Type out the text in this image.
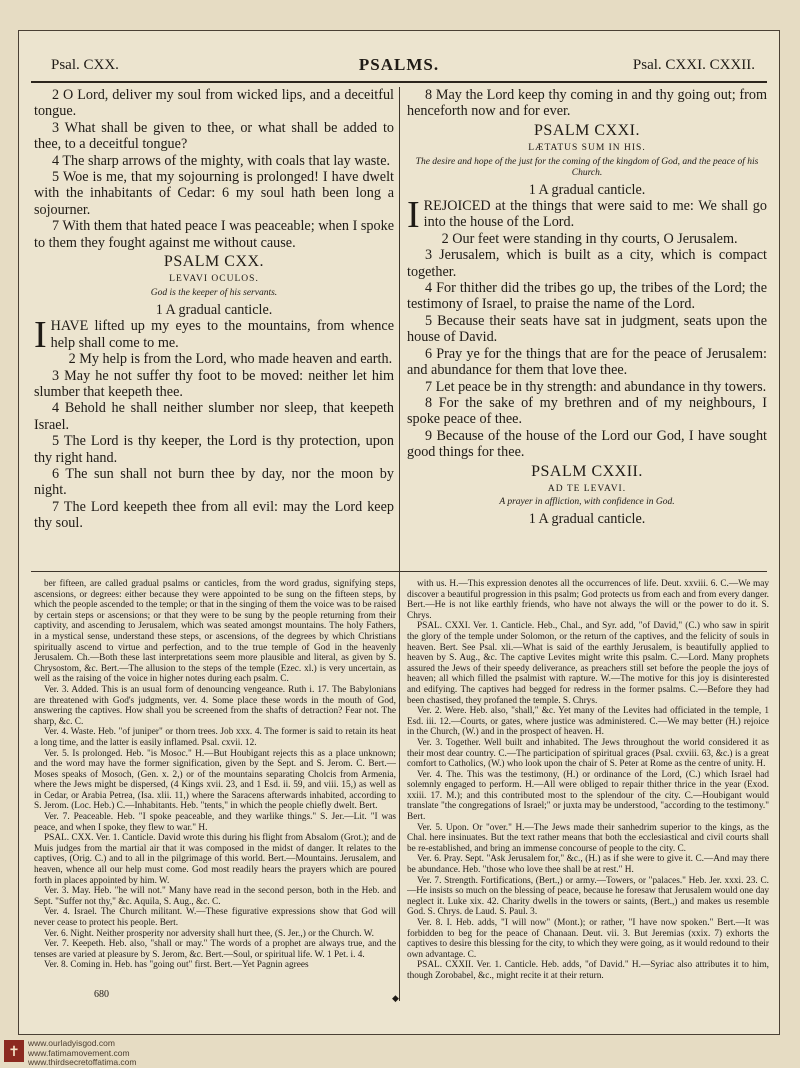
Psal. CXX.	PSALMS.	Psal. CXXI. CXXII.

2 O Lord, deliver my soul from wicked lips, and a deceitful tongue.

3 What shall be given to thee, or what shall be added to thee, to a deceitful tongue?

4 The sharp arrows of the mighty, with coals that lay waste.

5 Woe is me, that my sojourning is prolonged! I have dwelt with the inhabitants of Cedar: 6 my soul hath been long a sojourner.

7 With them that hated peace I was peaceable; when I spoke to them they fought against me without cause.

PSALM CXX.
LEVAVI OCULOS.
God is the keeper of his servants.
1 A gradual canticle.

IHAVE lifted up my eyes to the mountains, from whence help shall come to me.

2 My help is from the Lord, who made heaven and earth.

3 May he not suffer thy foot to be moved: neither let him slumber that keepeth thee.

4 Behold he shall neither slumber nor sleep, that keepeth Israel.

5 The Lord is thy keeper, the Lord is thy protection, upon thy right hand.

6 The sun shall not burn thee by day, nor the moon by night.

7 The Lord keepeth thee from all evil: may the Lord keep thy soul.

8 May the Lord keep thy coming in and thy going out; from henceforth now and for ever.

PSALM CXXI.
LÆTATUS SUM IN HIS.
The desire and hope of the just for the coming of the kingdom of God, and the peace of his Church.
1 A gradual canticle.

IREJOICED at the things that were said to me: We shall go into the house of the Lord.

2 Our feet were standing in thy courts, O Jerusalem.

3 Jerusalem, which is built as a city, which is compact together.

4 For thither did the tribes go up, the tribes of the Lord; the testimony of Israel, to praise the name of the Lord.

5 Because their seats have sat in judgment, seats upon the house of David.

6 Pray ye for the things that are for the peace of Jerusalem: and abundance for them that love thee.

7 Let peace be in thy strength: and abundance in thy towers.

8 For the sake of my brethren and of my neighbours, I spoke peace of thee.

9 Because of the house of the Lord our God, I have sought good things for thee.

PSALM CXXII.
AD TE LEVAVI.
A prayer in affliction, with confidence in God.
1 A gradual canticle.

ber fifteen, are called gradual psalms or canticles, from the word gradus, signifying steps, ascensions, or degrees: either because they were appointed to be sung on the fifteen steps, by which the people ascended to the temple; or that in the singing of them the voice was to be raised by certain steps or ascensions; or that they were to be sung by the people returning from their captivity, and ascending to Jerusalem, which was seated amongst mountains. The holy Fathers, in a mystical sense, understand these steps, or ascensions, of the degrees by which Christians spiritually ascend to virtue and perfection, and to the true temple of God in the heavenly Jerusalem. Ch.—Both these last interpretations seem more plausible and literal, as given by S. Chrysostom, &c. Bert.—The allusion to the steps of the temple (Ezec. xl.) is very uncertain, as well as the raising of the voice in higher notes during each psalm. C.

Ver. 3. Added. This is an usual form of denouncing vengeance. Ruth i. 17. The Babylonians are threatened with God's judgments, ver. 4. Some place these words in the mouth of God, answering the captives. How shall you be screened from the shafts of detraction? Fear not. The sharp, &c. C.

Ver. 4. Waste. Heb. "of juniper" or thorn trees. Job xxx. 4. The former is said to retain its heat a long time, and the latter is easily inflamed. Psal. cxvii. 12.

Ver. 5. Is prolonged. Heb. "is Mosoc." H.—But Houbigant rejects this as a place unknown; and the word may have the former signification, given by the Sept. and S. Jerom. C. Bert.—Moses speaks of Mosoch, (Gen. x. 2,) or of the mountains separating Cholcis from Armenia, where the Jews might be dispersed, (4 Kings xvii. 23, and 1 Esd. ii. 59, and viii. 15,) as well as in Cedar, or Arabia Petrea, (Isa. xlii. 11,) where the Saracens afterwards inhabited, according to S. Jerom. (Loc. Heb.) C.—Inhabitants. Heb. "tents," in which the people chiefly dwelt. Bert.

Ver. 7. Peaceable. Heb. "I spoke peaceable, and they warlike things." S. Jer.—Lit. "I was peace, and when I spoke, they flew to war." H.

PSAL. CXX. Ver. 1. Canticle. David wrote this during his flight from Absalom (Grot.); and de Muis judges from the martial air that it was composed in the midst of danger. It relates to the captives, (Orig. C.) and to all in the pilgrimage of this world. Bert.—Mountains. Jerusalem, and heaven, whence all our help must come. God most readily hears the prayers which are poured forth in places appointed by him. W.

Ver. 3. May. Heb. "he will not." Many have read in the second person, both in the Heb. and Sept. "Suffer not thy," &c. Aquila, S. Aug., &c. C.

Ver. 4. Israel. The Church militant. W.—These figurative expressions show that God will never cease to protect his people. Bert.

Ver. 6. Night. Neither prosperity nor adversity shall hurt thee, (S. Jer.,) or the Church. W.

Ver. 7. Keepeth. Heb. also, "shall or may." The words of a prophet are always true, and the tenses are varied at pleasure by S. Jerom, &c. Bert.—Soul, or spiritual life. W. 1 Pet. i. 4.

Ver. 8. Coming in. Heb. has "going out" first. Bert.—Yet Pagnin agrees

with us. H.—This expression denotes all the occurrences of life. Deut. xxviii. 6. C.—We may discover a beautiful progression in this psalm; God protects us from each and from every danger. Bert.—He is not like earthly friends, who have not always the will or the power to do it. S. Chrys.

PSAL. CXXI. Ver. 1. Canticle. Heb., Chal., and Syr. add, "of David," (C.) who saw in spirit the glory of the temple under Solomon, or the return of the captives, and the felicity of souls in heaven. Bert. See Psal. xli.—What is said of the earthly Jerusalem, is beautifully applied to heaven by S. Aug., &c. The captive Levites might write this psalm. C.—Lord. Many prophets assured the Jews of their speedy deliverance, as preachers still set before the people the joys of heaven; all which filled the psalmist with rapture. W.—The motive for this joy is disinterested and edifying. The captives had begged for redress in the former psalms. C.—Before they had been chastised, they profaned the temple. S. Chrys.

Ver. 2. Were. Heb. also, "shall," &c. Yet many of the Levites had officiated in the temple, 1 Esd. iii. 12.—Courts, or gates, where justice was administered. C.—We may better (H.) rejoice in the Church, (W.) and in the prospect of heaven. H.

Ver. 3. Together. Well built and inhabited. The Jews throughout the world considered it as their most dear country. C.—The participation of spiritual graces (Psal. cxviii. 63, &c.) is a great comfort to Catholics, (W.) who look upon the chair of S. Peter at Rome as the centre of unity. H.

Ver. 4. The. This was the testimony, (H.) or ordinance of the Lord, (C.) which Israel had solemnly engaged to perform. H.—All were obliged to repair thither thrice in the year (Exod. xxiii. 17. M.); and this contributed most to the splendour of the city. C.—Houbigant would translate "the congregations of Israel;" or juxta may be understood, "according to the testimony." Bert.

Ver. 5. Upon. Or "over." H.—The Jews made their sanhedrim superior to the kings, as the Chal. here insinuates. But the text rather means that both the ecclesiastical and civil courts shall be re-established, and bring an immense concourse of people to the city. C.

Ver. 6. Pray. Sept. "Ask Jerusalem for," &c., (H.) as if she were to give it. C.—And may there be abundance. Heb. "those who love thee shall be at rest." H.

Ver. 7. Strength. Fortifications, (Bert.,) or army.—Towers, or "palaces." Heb. Jer. xxxi. 23. C.—He insists so much on the blessing of peace, because he foresaw that Jerusalem would one day neglect it. Luke xix. 42. Charity dwells in the towers or saints, (Bert.,) and makes us resemble God. S. Chrys. de Laud. S. Paul. 3.

Ver. 8. I. Heb. adds, "I will now" (Mont.); or rather, "I have now spoken." Bert.—It was forbidden to beg for the peace of Chanaan. Deut. vii. 3. But Jeremias (xxix. 7) exhorts the captives to desire this blessing for the city, to which they were going, as it would redound to their own advantage. C.

PSAL. CXXII. Ver. 1. Canticle. Heb. adds, "of David." H.—Syriac also attributes it to him, though Zorobabel, &c., might recite it at their return.

680	◆
✝ www.ourladyisgod.com
www.fatimamovement.com
www.thirdsecretoffatima.com
